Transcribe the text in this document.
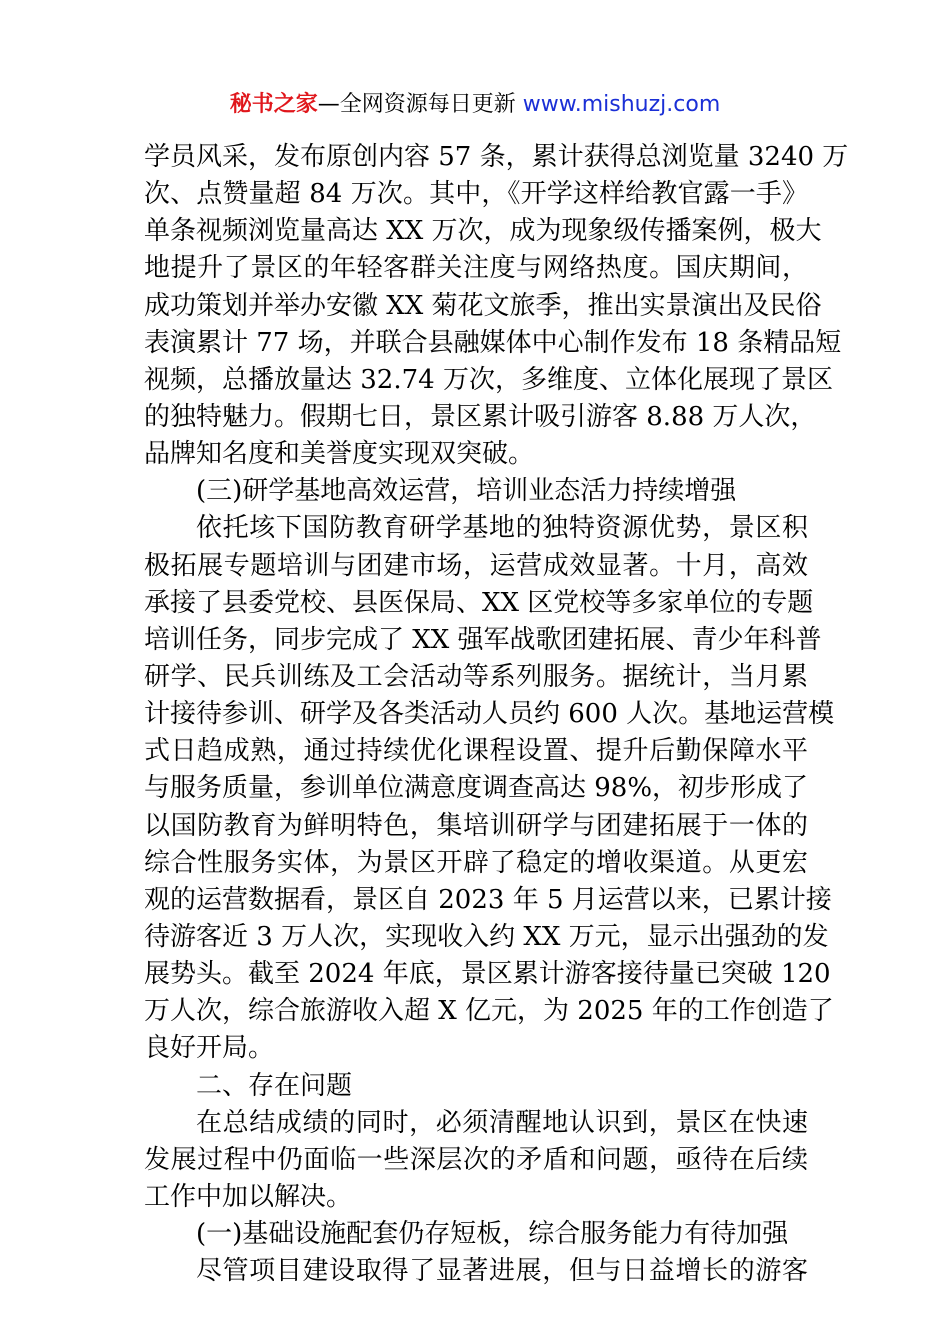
秘书之家—全网资源每日更新 www.mishuzj.com
学员风采，发布原创内容 57 条，累计获得总浏览量 3240 万
次、点赞量超 84 万次。其中，《开学这样给教官露一手》
单条视频浏览量高达 XX 万次，成为现象级传播案例，极大
地提升了景区的年轻客群关注度与网络热度。国庆期间，
成功策划并举办安徽 XX 菊花文旅季，推出实景演出及民俗
表演累计 77 场，并联合县融媒体中心制作发布 18 条精品短
视频，总播放量达 32.74 万次，多维度、立体化展现了景区
的独特魅力。假期七日，景区累计吸引游客 8.88 万人次，
品牌知名度和美誉度实现双突破。
(三)研学基地高效运营，培训业态活力持续增强
依托垓下国防教育研学基地的独特资源优势，景区积
极拓展专题培训与团建市场，运营成效显著。十月，高效
承接了县委党校、县医保局、XX 区党校等多家单位的专题
培训任务，同步完成了 XX 强军战歌团建拓展、青少年科普
研学、民兵训练及工会活动等系列服务。据统计，当月累
计接待参训、研学及各类活动人员约 600 人次。基地运营模
式日趋成熟，通过持续优化课程设置、提升后勤保障水平
与服务质量，参训单位满意度调查高达 98%，初步形成了
以国防教育为鲜明特色，集培训研学与团建拓展于一体的
综合性服务实体，为景区开辟了稳定的增收渠道。从更宏
观的运营数据看，景区自 2023 年 5 月运营以来，已累计接
待游客近 3 万人次，实现收入约 XX 万元，显示出强劲的发
展势头。截至 2024 年底，景区累计游客接待量已突破 120
万人次，综合旅游收入超 X 亿元，为 2025 年的工作创造了
良好开局。
二、存在问题
在总结成绩的同时，必须清醒地认识到，景区在快速
发展过程中仍面临一些深层次的矛盾和问题，亟待在后续
工作中加以解决。
(一)基础设施配套仍存短板，综合服务能力有待加强
尽管项目建设取得了显著进展，但与日益增长的游客
